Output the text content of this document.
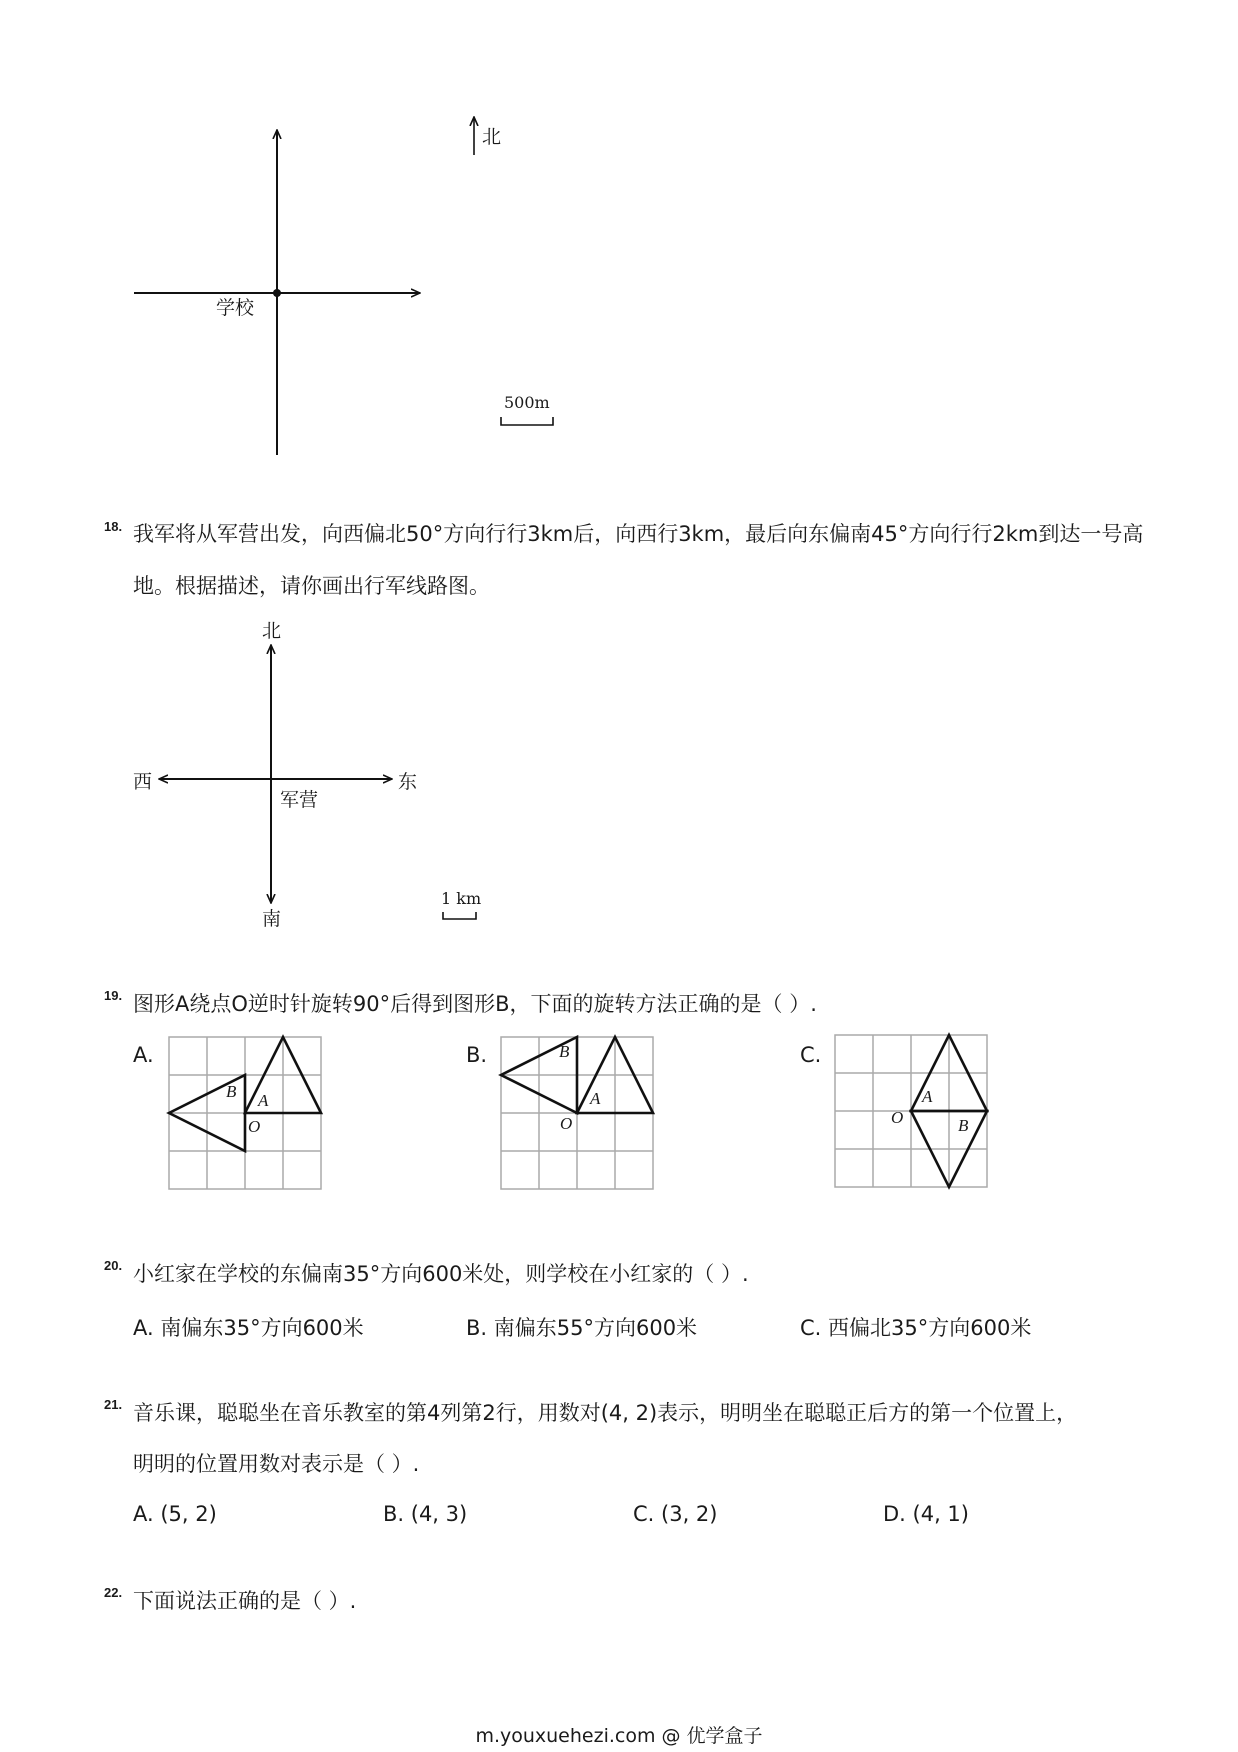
北
学校
500m
18. 我军将从军营出发，向西偏北50°方向行行3km后，向西行3km，最后向东偏南45°方向行行2km到达一号高
地。根据描述，请你画出行军线路图。
北
南
西	东
军营
1 km
19. 图形A绕点O逆时针旋转90°后得到图形B，下面的旋转方法正确的是（ ）.
A.
O
A
B
B.
O
A
B	C.
O
A
B
20. 小红家在学校的东偏南35°方向600米处，则学校在小红家的（ ）.
A. 南偏东35°方向600米	B. 南偏东55°方向600米	C. 西偏北35°方向600米
21. 音乐课，聪聪坐在音乐教室的第4列第2行，用数对(4, 2)表示，明明坐在聪聪正后方的第一个位置上，
明明的位置用数对表示是（ ）.
A. (5, 2)	B. (4, 3)	C. (3, 2)	D. (4, 1)
22. 下面说法正确的是（ ）.
m.youxuehezi.com @ 优学盒子
